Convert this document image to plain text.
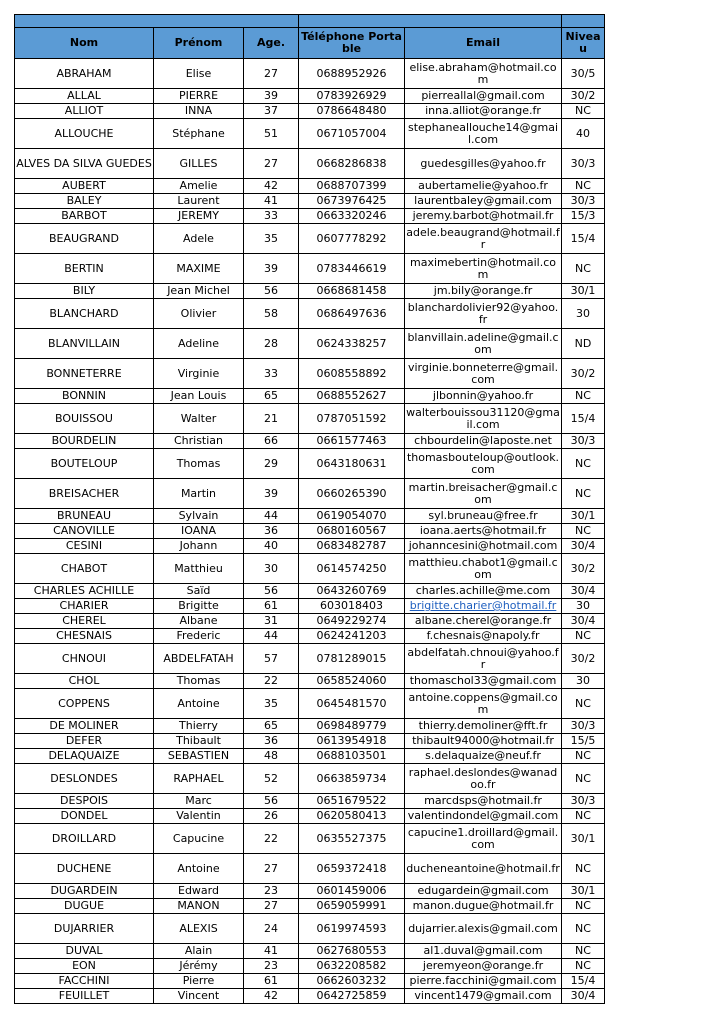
Nom	Prénom	Age.	Téléphone Portable	Email	Niveau
ABRAHAM	Elise	27	0688952926	elise.abraham@hotmail.com	30/5
ALLAL	PIERRE	39	0783926929	pierreallal@gmail.com	30/2
ALLIOT	INNA	37	0786648480	inna.alliot@orange.fr	NC
ALLOUCHE	Stéphane	51	0671057004	stephaneallouche14@gmail.com	40
ALVES DA SILVA GUEDES	GILLES	27	0668286838	guedesgilles@yahoo.fr	30/3
AUBERT	Amelie	42	0688707399	aubertamelie@yahoo.fr	NC
BALEY	Laurent	41	0673976425	laurentbaley@gmail.com	30/3
BARBOT	JEREMY	33	0663320246	jeremy.barbot@hotmail.fr	15/3
BEAUGRAND	Adele	35	0607778292	adele.beaugrand@hotmail.fr	15/4
BERTIN	MAXIME	39	0783446619	maximebertin@hotmail.com	NC
BILY	Jean Michel	56	0668681458	jm.bily@orange.fr	30/1
BLANCHARD	Olivier	58	0686497636	blanchardolivier92@yahoo.fr	30
BLANVILLAIN	Adeline	28	0624338257	blanvillain.adeline@gmail.com	ND
BONNETERRE	Virginie	33	0608558892	virginie.bonneterre@gmail.com	30/2
BONNIN	Jean Louis	65	0688552627	jlbonnin@yahoo.fr	NC
BOUISSOU	Walter	21	0787051592	walterbouissou31120@gmail.com	15/4
BOURDELIN	Christian	66	0661577463	chbourdelin@laposte.net	30/3
BOUTELOUP	Thomas	29	0643180631	thomasbouteloup@outlook.com	NC
BREISACHER	Martin	39	0660265390	martin.breisacher@gmail.com	NC
BRUNEAU	Sylvain	44	0619054070	syl.bruneau@free.fr	30/1
CANOVILLE	IOANA	36	0680160567	ioana.aerts@hotmail.fr	NC
CESINI	Johann	40	0683482787	johanncesini@hotmail.com	30/4
CHABOT	Matthieu	30	0614574250	matthieu.chabot1@gmail.com	30/2
CHARLES ACHILLE	Saïd	56	0643260769	charles.achille@me.com	30/4
CHARIER	Brigitte	61	603018403	brigitte.charier@hotmail.fr	30
CHEREL	Albane	31	0649229274	albane.cherel@orange.fr	30/4
CHESNAIS	Frederic	44	0624241203	f.chesnais@napoly.fr	NC
CHNOUI	ABDELFATAH	57	0781289015	abdelfatah.chnoui@yahoo.fr	30/2
CHOL	Thomas	22	0658524060	thomaschol33@gmail.com	30
COPPENS	Antoine	35	0645481570	antoine.coppens@gmail.com	NC
DE MOLINER	Thierry	65	0698489779	thierry.demoliner@fft.fr	30/3
DEFER	Thibault	36	0613954918	thibault94000@hotmail.fr	15/5
DELAQUAIZE	SEBASTIEN	48	0688103501	s.delaquaize@neuf.fr	NC
DESLONDES	RAPHAEL	52	0663859734	raphael.deslondes@wanadoo.fr	NC
DESPOIS	Marc	56	0651679522	marcdsps@hotmail.fr	30/3
DONDEL	Valentin	26	0620580413	valentindondel@gmail.com	NC
DROILLARD	Capucine	22	0635527375	capucine1.droillard@gmail.com	30/1
DUCHENE	Antoine	27	0659372418	ducheneantoine@hotmail.fr	NC
DUGARDEIN	Edward	23	0601459006	edugardein@gmail.com	30/1
DUGUE	MANON	27	0659059991	manon.dugue@hotmail.fr	NC
DUJARRIER	ALEXIS	24	0619974593	dujarrier.alexis@gmail.com	NC
DUVAL	Alain	41	0627680553	al1.duval@gmail.com	NC
EON	Jérémy	23	0632208582	jeremyeon@orange.fr	NC
FACCHINI	Pierre	61	0662603232	pierre.facchini@gmail.com	15/4
FEUILLET	Vincent	42	0642725859	vincent1479@gmail.com	30/4
